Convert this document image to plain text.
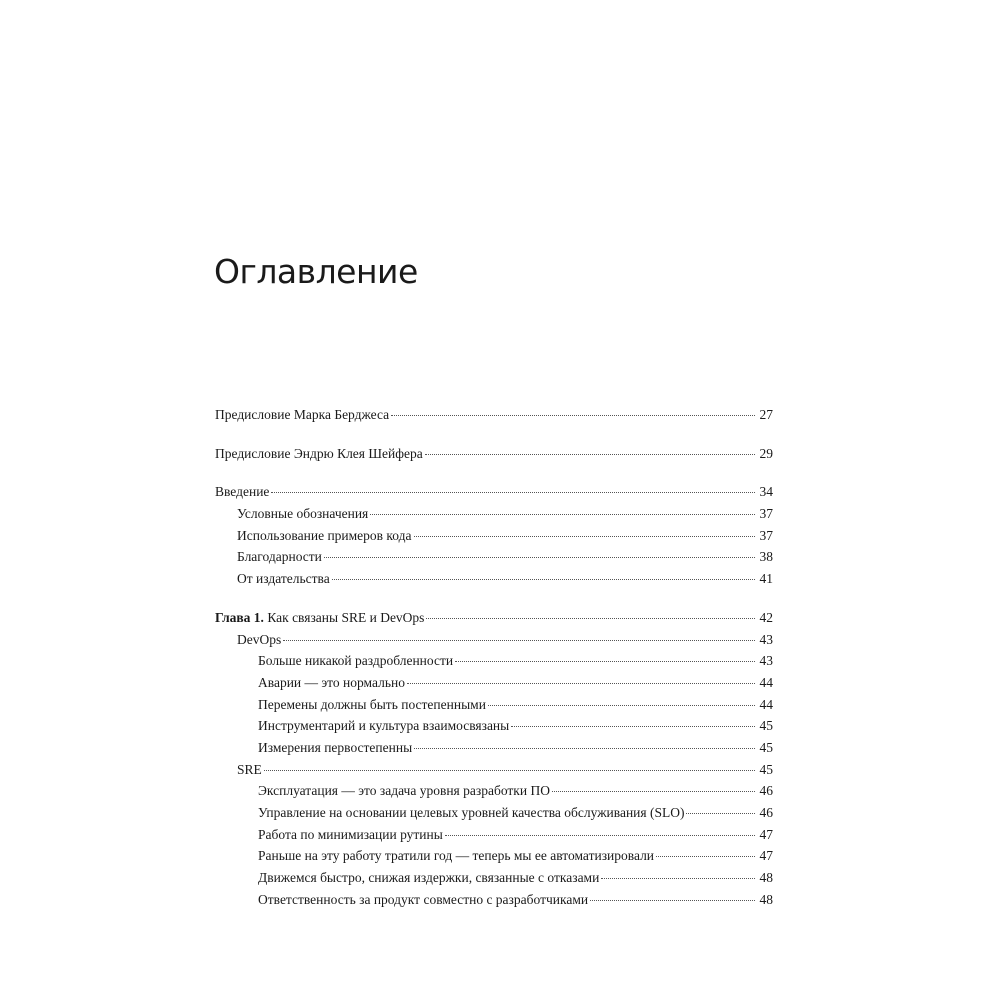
Оглавление
Предисловие Марка Берджеса	27
Предисловие Эндрю Клея Шейфера	29
Введение	34
Условные обозначения	37
Использование примеров кода	37
Благодарности	38
От издательства	41
Глава 1. Как связаны SRE и DevOps	42
DevOps	43
Больше никакой раздробленности	43
Аварии — это нормально	44
Перемены должны быть постепенными	44
Инструментарий и культура взаимосвязаны	45
Измерения первостепенны	45
SRE	45
Эксплуатация — это задача уровня разработки ПО	46
Управление на основании целевых уровней качества обслуживания (SLO)	46
Работа по минимизации рутины	47
Раньше на эту работу тратили год — теперь мы ее автоматизировали	47
Движемся быстро, снижая издержки, связанные с отказами	48
Ответственность за продукт совместно с разработчиками	48
